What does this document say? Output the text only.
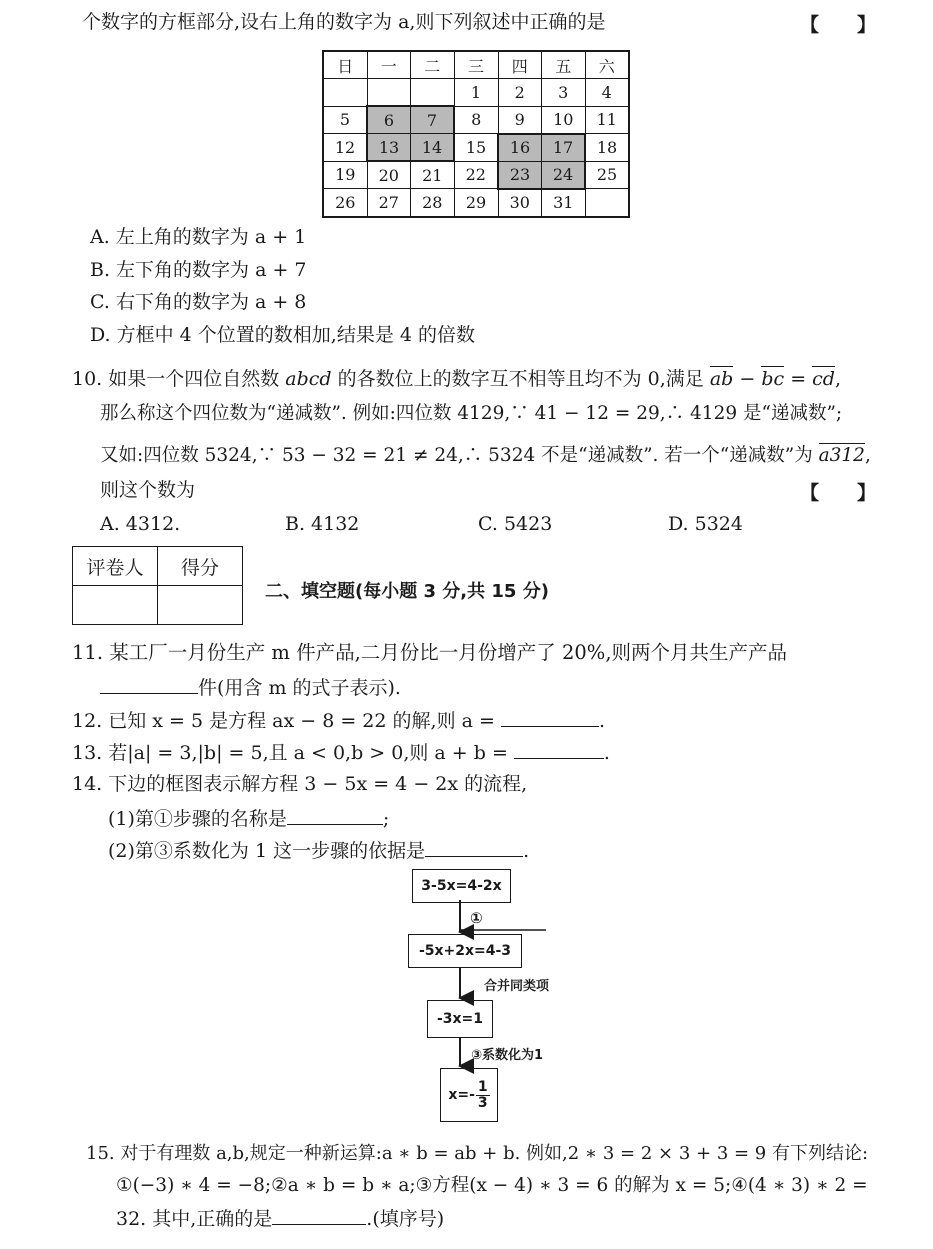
个数字的方框部分,设右上角的数字为 a,则下列叙述中正确的是	【　　】
日	一	二	三	四	五	六
			1	2	3	4
5	6	7	8	9	10	11
12	13	14	15	16	17	18
19	20	21	22	23	24	25
26	27	28	29	30	31	
A. 左上角的数字为 a + 1
B. 左下角的数字为 a + 7
C. 右下角的数字为 a + 8
D. 方框中 4 个位置的数相加,结果是 4 的倍数
10. 如果一个四位自然数 abcd 的各数位上的数字互不相等且均不为 0,满足 ab − bc = cd,
那么称这个四位数为“递减数”. 例如:四位数 4129,∵ 41 − 12 = 29,∴ 4129 是“递减数”;
又如:四位数 5324,∵ 53 − 32 = 21 ≠ 24,∴ 5324 不是“递减数”. 若一个“递减数”为 a312,
则这个数为	【　　】
A. 4312.	B. 4132	C. 5423	D. 5324
评卷人	得分

二、填空题(每小题 3 分,共 15 分)
11. 某工厂一月份生产 m 件产品,二月份比一月份增产了 20%,则两个月共生产产品
件(用含 m 的式子表示).
12. 已知 x = 5 是方程 ax − 8 = 22 的解,则 a =	.
13. 若|a| = 3,|b| = 5,且 a < 0,b > 0,则 a + b =	.
14. 下边的框图表示解方程 3 − 5x = 4 − 2x 的流程,
(1)第①步骤的名称是	;
(2)第③系数化为 1 这一步骤的依据是	.
3-5x=4-2x
①
-5x+2x=4-3
合并同类项
-3x=1
③系数化为1
$x=- \frac{1}{3}$
15. 对于有理数 a,b,规定一种新运算:a ∗ b = ab + b. 例如,2 ∗ 3 = 2 × 3 + 3 = 9 有下列结论:
①(−3) ∗ 4 = −8;②a ∗ b = b ∗ a;③方程(x − 4) ∗ 3 = 6 的解为 x = 5;④(4 ∗ 3) ∗ 2 =
32. 其中,正确的是	.(填序号)
